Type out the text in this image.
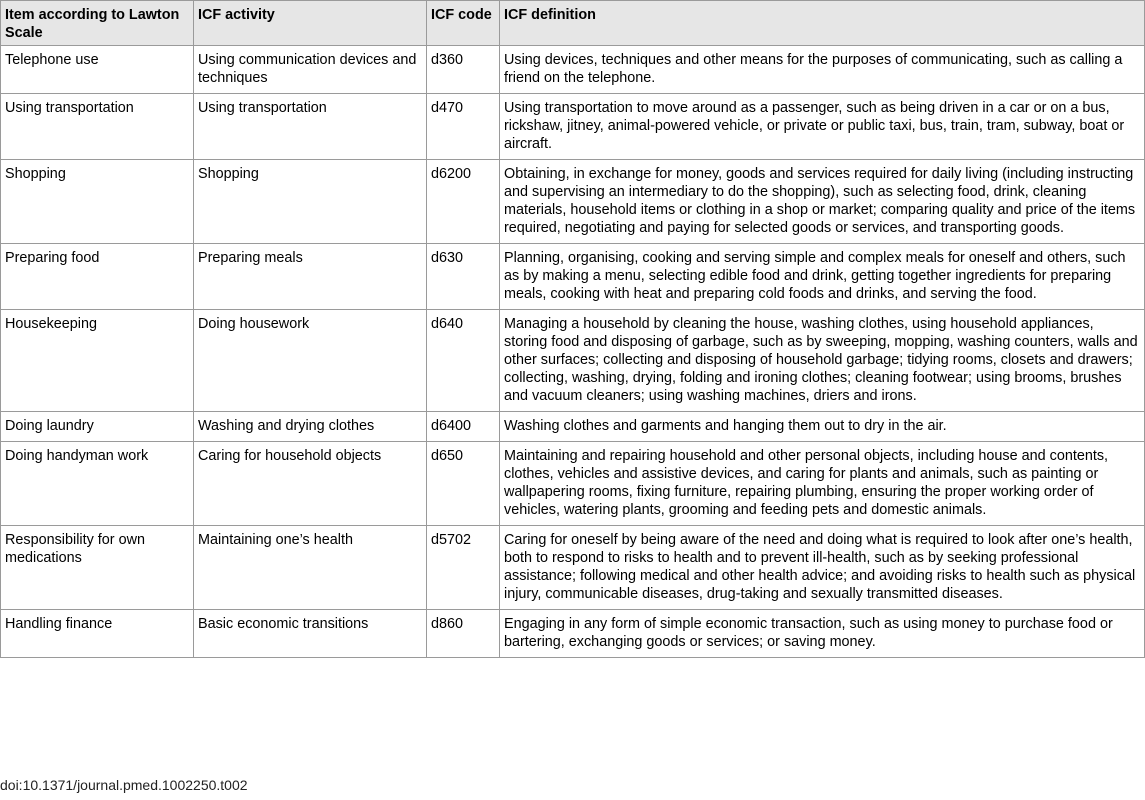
Item according to Lawton Scale	ICF activity	ICF code	ICF definition
Telephone use	Using communication devices and techniques	d360	Using devices, techniques and other means for the purposes of communicating, such as calling a friend on the telephone.
Using transportation	Using transportation	d470	Using transportation to move around as a passenger, such as being driven in a car or on a bus, rickshaw, jitney, animal-powered vehicle, or private or public taxi, bus, train, tram, subway, boat or aircraft.
Shopping	Shopping	d6200	Obtaining, in exchange for money, goods and services required for daily living (including instructing and supervising an intermediary to do the shopping), such as selecting food, drink, cleaning materials, household items or clothing in a shop or market; comparing quality and price of the items required, negotiating and paying for selected goods or services, and transporting goods.
Preparing food	Preparing meals	d630	Planning, organising, cooking and serving simple and complex meals for oneself and others, such as by making a menu, selecting edible food and drink, getting together ingredients for preparing meals, cooking with heat and preparing cold foods and drinks, and serving the food.
Housekeeping	Doing housework	d640	Managing a household by cleaning the house, washing clothes, using household appliances, storing food and disposing of garbage, such as by sweeping, mopping, washing counters, walls and other surfaces; collecting and disposing of household garbage; tidying rooms, closets and drawers; collecting, washing, drying, folding and ironing clothes; cleaning footwear; using brooms, brushes and vacuum cleaners; using washing machines, driers and irons.
Doing laundry	Washing and drying clothes	d6400	Washing clothes and garments and hanging them out to dry in the air.
Doing handyman work	Caring for household objects	d650	Maintaining and repairing household and other personal objects, including house and contents, clothes, vehicles and assistive devices, and caring for plants and animals, such as painting or wallpapering rooms, fixing furniture, repairing plumbing, ensuring the proper working order of vehicles, watering plants, grooming and feeding pets and domestic animals.
Responsibility for own medications	Maintaining one’s health	d5702	Caring for oneself by being aware of the need and doing what is required to look after one’s health, both to respond to risks to health and to prevent ill-health, such as by seeking professional assistance; following medical and other health advice; and avoiding risks to health such as physical injury, communicable diseases, drug-taking and sexually transmitted diseases.
Handling finance	Basic economic transitions	d860	Engaging in any form of simple economic transaction, such as using money to purchase food or bartering, exchanging goods or services; or saving money.
doi:10.1371/journal.pmed.1002250.t002
